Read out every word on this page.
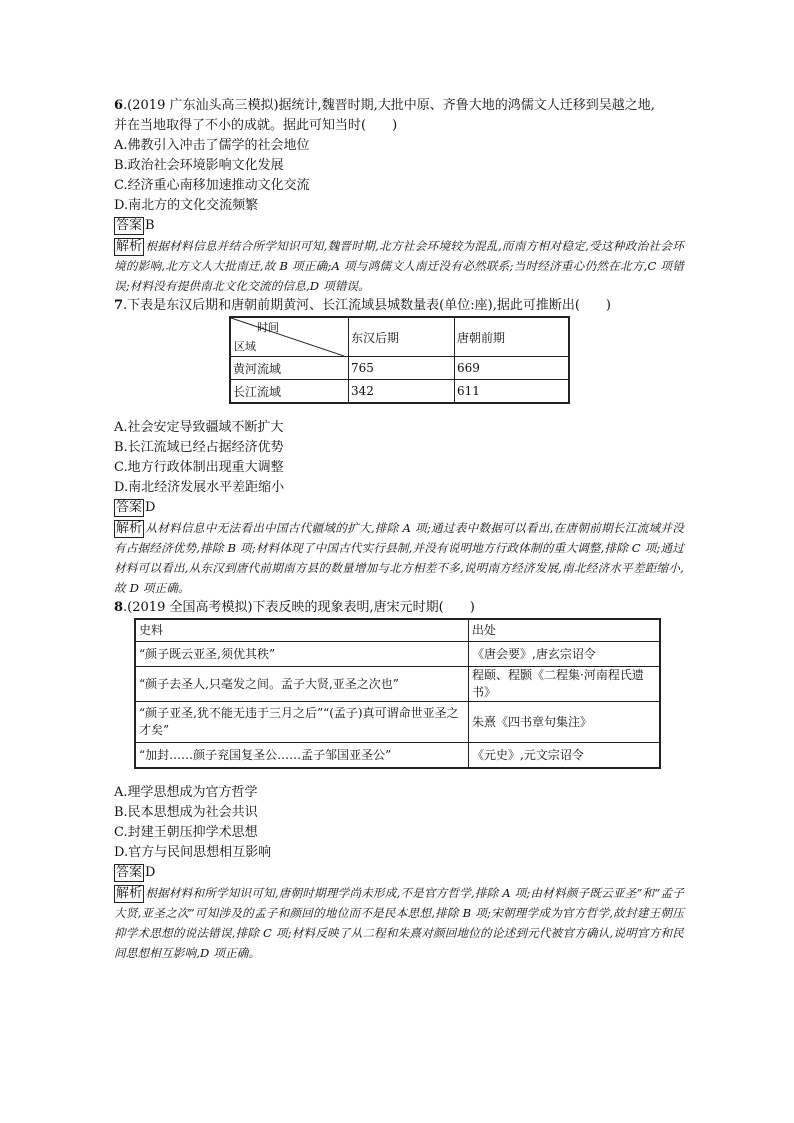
6.(2019 广东汕头高三模拟)据统计,魏晋时期,大批中原、齐鲁大地的鸿儒文人迁移到吴越之地,
并在当地取得了不小的成就。据此可知当时(　　)

A.佛教引入冲击了儒学的社会地位

B.政治社会环境影响文化发展

C.经济重心南移加速推动文化交流

D.南北方的文化交流频繁

答案 B

解析 根据材料信息并结合所学知识可知,魏晋时期,北方社会环境较为混乱,而南方相对稳定,受这种政治社会环境的影响,北方文人大批南迁,故 B 项正确;A 项与鸿儒文人南迁没有必然联系;当时经济重心仍然在北方,C 项错误;材料没有提供南北文化交流的信息,D 项错误。

7.下表是东汉后期和唐朝前期黄河、长江流域县城数量表(单位:座),据此可推断出(　　)

时间
区域	东汉后期	唐朝前期
黄河流域	765	669
长江流域	342	611

A.社会安定导致疆域不断扩大

B.长江流域已经占据经济优势

C.地方行政体制出现重大调整

D.南北经济发展水平差距缩小

答案 D

解析 从材料信息中无法看出中国古代疆域的扩大,排除 A 项;通过表中数据可以看出,在唐朝前期长江流域并没有占据经济优势,排除 B 项;材料体现了中国古代实行县制,并没有说明地方行政体制的重大调整,排除 C 项;通过材料可以看出,从东汉到唐代前期南方县的数量增加与北方相差不多,说明南方经济发展,南北经济水平差距缩小,故 D 项正确。

8.(2019 全国高考模拟)下表反映的现象表明,唐宋元时期(　　)

史料	出处
“颜子既云亚圣,须优其秩”	《唐会要》,唐玄宗诏令
“颜子去圣人,只毫发之间。孟子大贤,亚圣之次也”	程颐、程颢《二程集·河南程氏遗书》
“颜子亚圣,犹不能无违于三月之后”“(孟子)真可谓命世亚圣之才矣”	朱熹《四书章句集注》
“加封……颜子兖国复圣公……孟子邹国亚圣公”	《元史》,元文宗诏令

A.理学思想成为官方哲学

B.民本思想成为社会共识

C.封建王朝压抑学术思想

D.官方与民间思想相互影响

答案 D

解析 根据材料和所学知识可知,唐朝时期理学尚未形成,不是官方哲学,排除 A 项;由材料颜子既云亚圣”和“孟子大贤,亚圣之次”可知涉及的孟子和颜回的地位而不是民本思想,排除 B 项;宋朝理学成为官方哲学,故封建王朝压抑学术思想的说法错误,排除 C 项;材料反映了从二程和朱熹对颜回地位的论述到元代被官方确认,说明官方和民间思想相互影响,D 项正确。
